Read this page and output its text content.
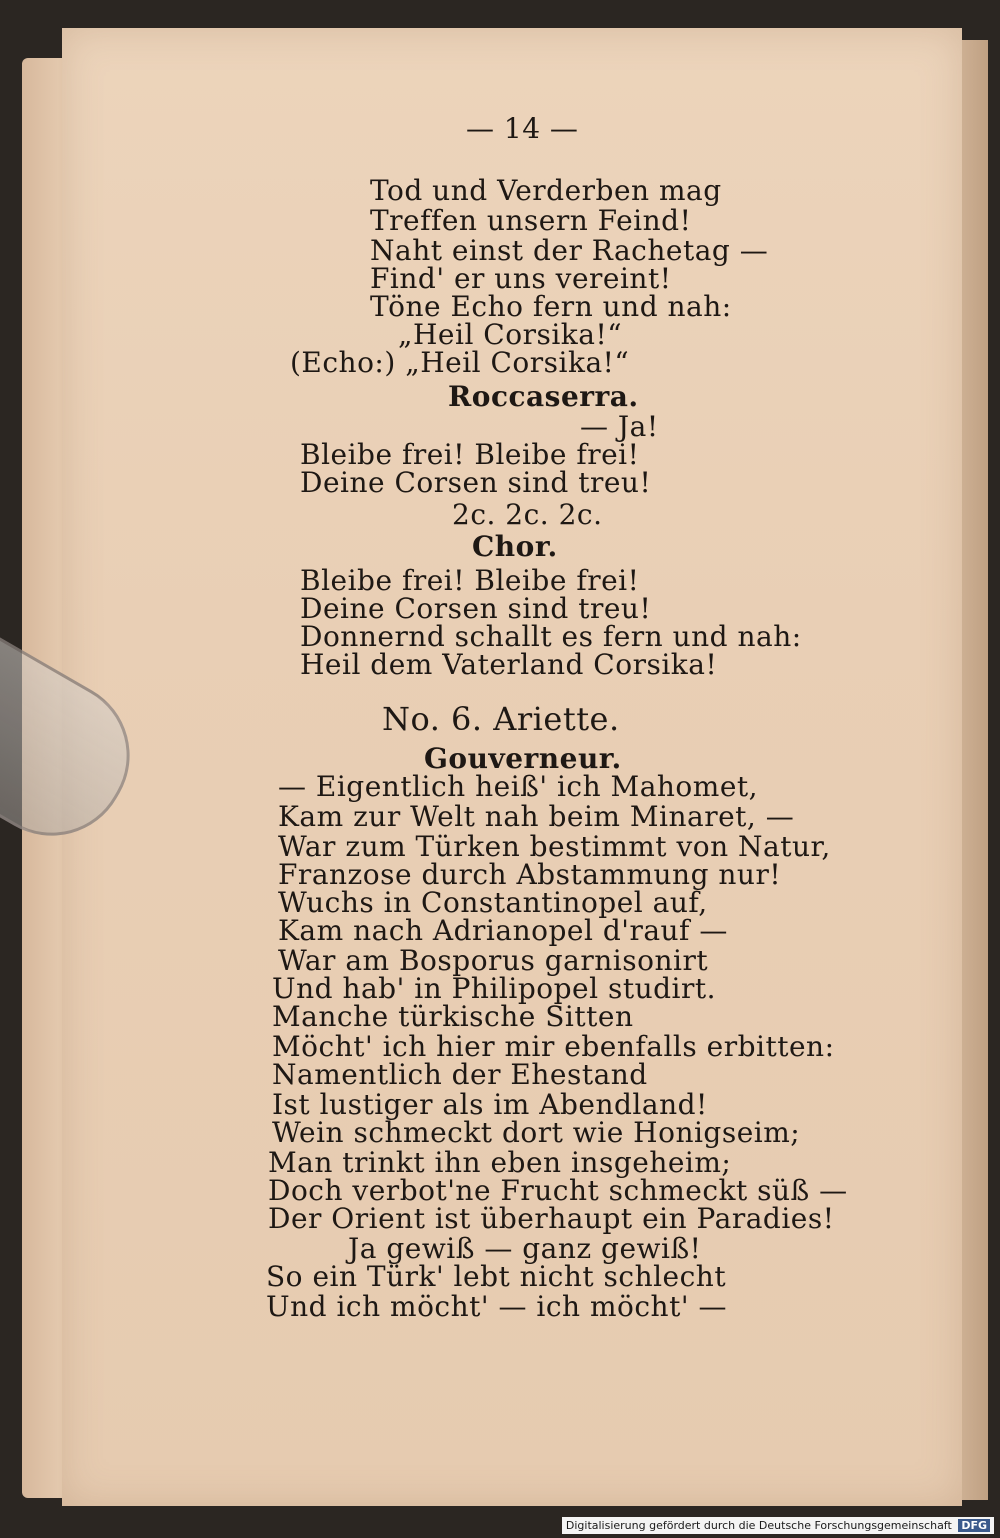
— 14 —
Tod und Verderben mag
Treffen unsern Feind!
Naht einst der Rachetag —
Find' er uns vereint!
Töne Echo fern und nah:
„Heil Corsika!“
(Echo:) „Heil Corsika!“
Roccaserra.
— Ja!
Bleibe frei! Bleibe frei!
Deine Corsen sind treu!
2c. 2c. 2c.
Chor.
Bleibe frei! Bleibe frei!
Deine Corsen sind treu!
Donnernd schallt es fern und nah:
Heil dem Vaterland Corsika!
No. 6. Ariette.
Gouverneur.
— Eigentlich heiß' ich Mahomet,
Kam zur Welt nah beim Minaret, —
War zum Türken bestimmt von Natur,
Franzose durch Abstammung nur!
Wuchs in Constantinopel auf,
Kam nach Adrianopel d'rauf —
War am Bosporus garnisonirt
Und hab' in Philipopel studirt.
Manche türkische Sitten
Möcht' ich hier mir ebenfalls erbitten:
Namentlich der Ehestand
Ist lustiger als im Abendland!
Wein schmeckt dort wie Honigseim;
Man trinkt ihn eben insgeheim;
Doch verbot'ne Frucht schmeckt süß —
Der Orient ist überhaupt ein Paradies!
Ja gewiß — ganz gewiß!
So ein Türk' lebt nicht schlecht
Und ich möcht' — ich möcht' —
Digitalisierung gefördert durch die Deutsche Forschungsgemeinschaft DFG
